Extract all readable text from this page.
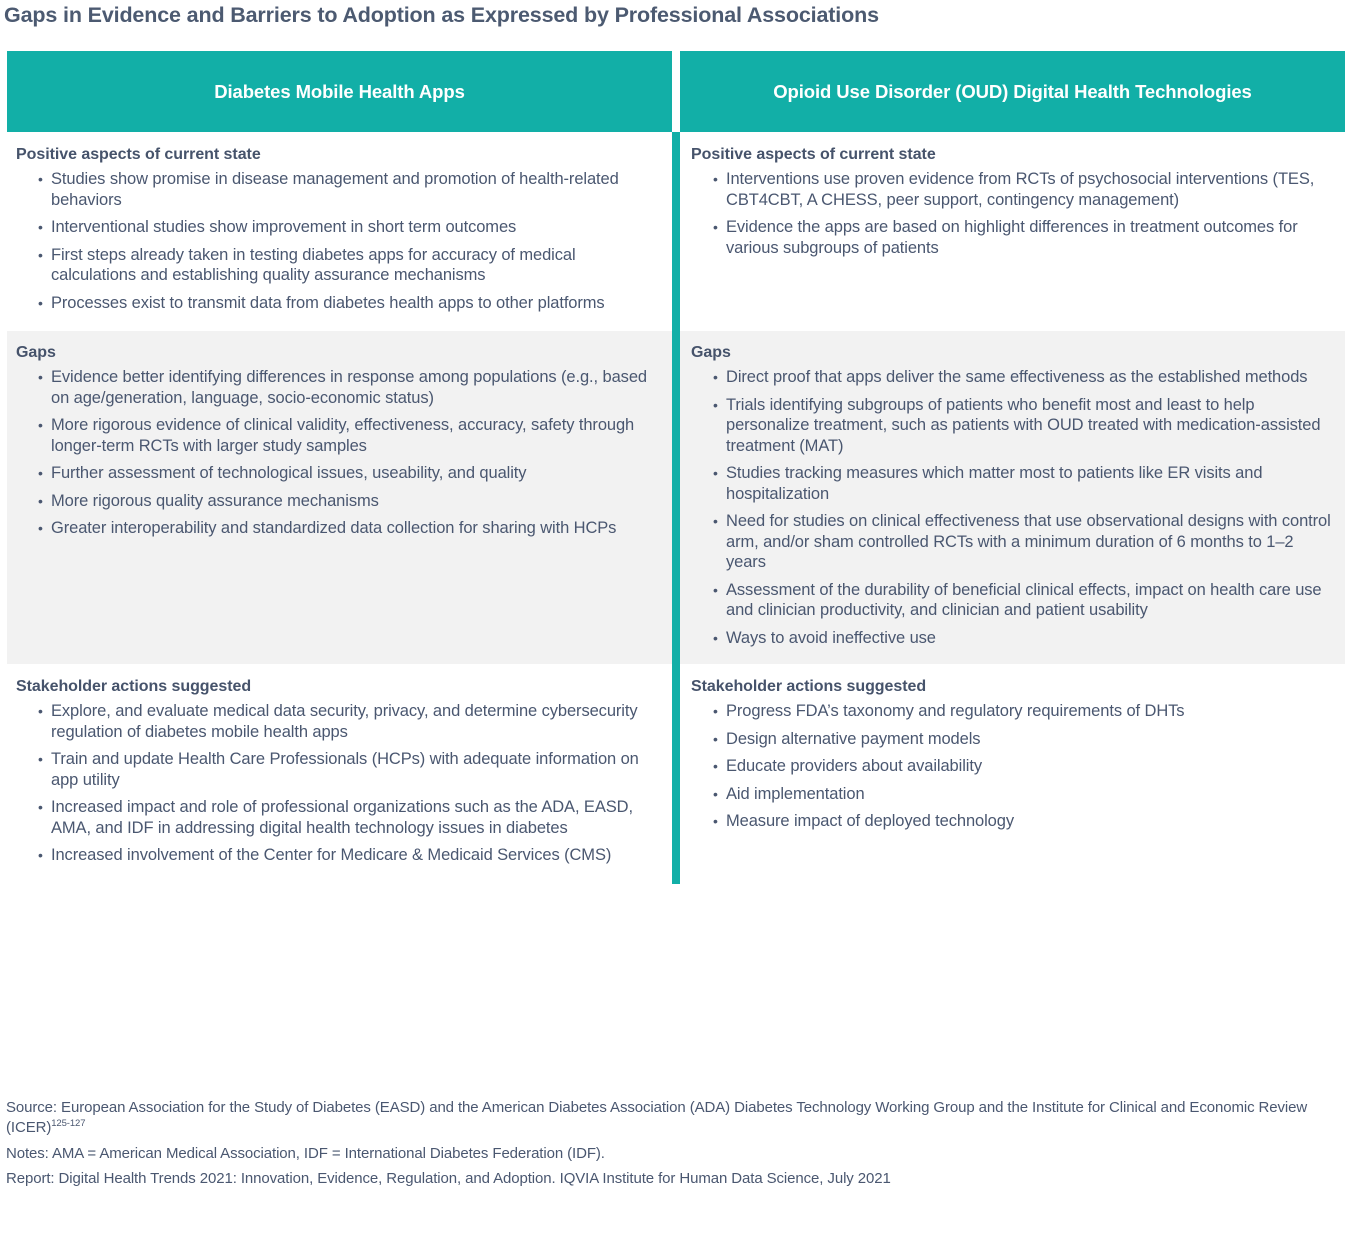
Gaps in Evidence and Barriers to Adoption as Expressed by Professional Associations
Diabetes Mobile Health Apps	Opioid Use Disorder (OUD) Digital Health Technologies
Positive aspects of current state
• Studies show promise in disease management and promotion of health-related behaviors
• Interventional studies show improvement in short term outcomes
• First steps already taken in testing diabetes apps for accuracy of medical calculations and establishing quality assurance mechanisms
• Processes exist to transmit data from diabetes health apps to other platforms
Positive aspects of current state
• Interventions use proven evidence from RCTs of psychosocial interventions (TES, CBT4CBT, A CHESS, peer support, contingency management)
• Evidence the apps are based on highlight differences in treatment outcomes for various subgroups of patients
Gaps
• Evidence better identifying differences in response among populations (e.g., based on age/generation, language, socio-economic status)
• More rigorous evidence of clinical validity, effectiveness, accuracy, safety through longer-term RCTs with larger study samples
• Further assessment of technological issues, useability, and quality
• More rigorous quality assurance mechanisms
• Greater interoperability and standardized data collection for sharing with HCPs
Gaps
• Direct proof that apps deliver the same effectiveness as the established methods
• Trials identifying subgroups of patients who benefit most and least to help personalize treatment, such as patients with OUD treated with medication-assisted treatment (MAT)
• Studies tracking measures which matter most to patients like ER visits and hospitalization
• Need for studies on clinical effectiveness that use observational designs with control arm, and/or sham controlled RCTs with a minimum duration of 6 months to 1–2 years
• Assessment of the durability of beneficial clinical effects, impact on health care use and clinician productivity, and clinician and patient usability
• Ways to avoid ineffective use
Stakeholder actions suggested
• Explore, and evaluate medical data security, privacy, and determine cybersecurity regulation of diabetes mobile health apps
• Train and update Health Care Professionals (HCPs) with adequate information on app utility
• Increased impact and role of professional organizations such as the ADA, EASD, AMA, and IDF in addressing digital health technology issues in diabetes
• Increased involvement of the Center for Medicare & Medicaid Services (CMS)
Stakeholder actions suggested
• Progress FDA’s taxonomy and regulatory requirements of DHTs
• Design alternative payment models
• Educate providers about availability
• Aid implementation
• Measure impact of deployed technology

Source: European Association for the Study of Diabetes (EASD) and the American Diabetes Association (ADA) Diabetes Technology Working Group and the Institute for Clinical and Economic Review (ICER)$^{125-127}$

Notes: AMA = American Medical Association, IDF = International Diabetes Federation (IDF).

Report: Digital Health Trends 2021: Innovation, Evidence, Regulation, and Adoption. IQVIA Institute for Human Data Science, July 2021
